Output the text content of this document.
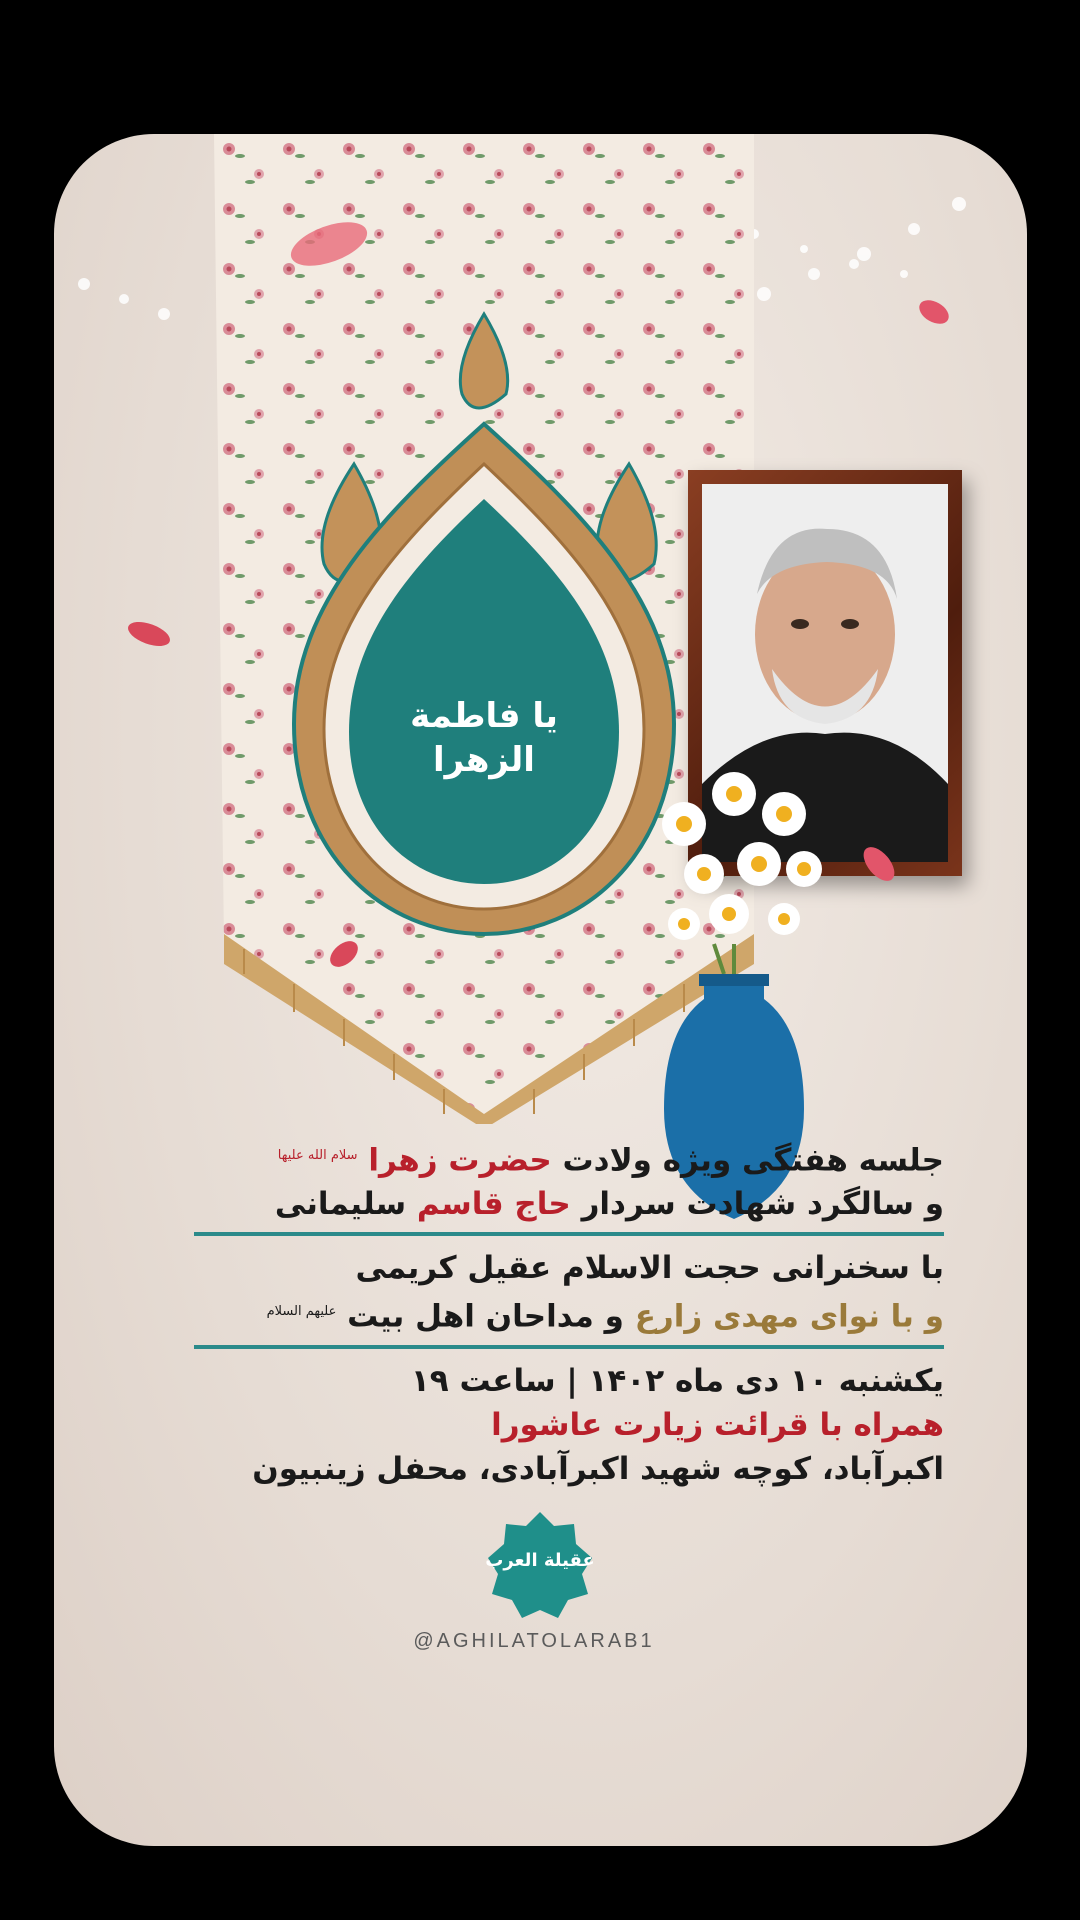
یا فاطمة الزهرا
جلسه هفتگی ویژه ولادت حضرت زهرا $^{سلام الله علیها}$
و سالگرد شهادت سردار حاج قاسم سلیمانی
با سخنرانی حجت الاسلام عقیل کریمی
و با نوای مهدی زارع و مداحان اهل بیت $^{علیهم السلام}$
یکشنبه ۱۰ دی ماه ۱۴۰۲ | ساعت ۱۹
همراه با قرائت زیارت عاشورا
اکبرآباد، کوچه شهید اکبرآبادی، محفل زینبیون
عقیلة العرب
@AGHILATOLARAB1
